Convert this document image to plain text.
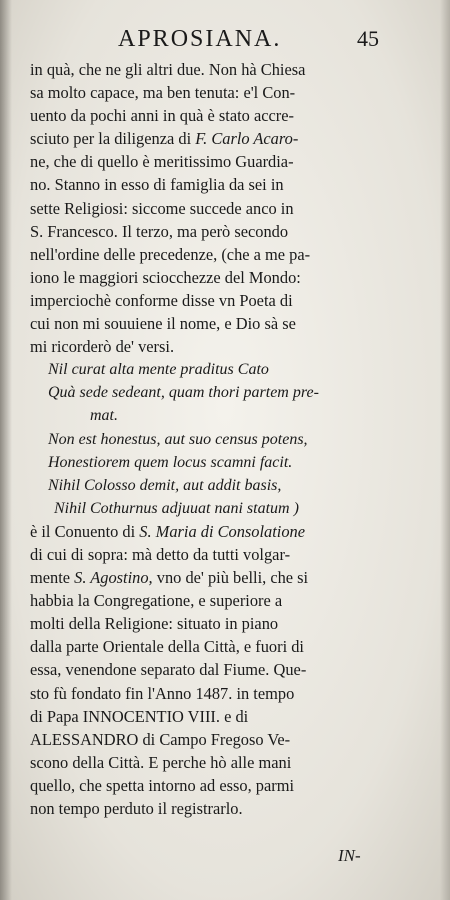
APROSIANA.	45
in quà, che ne gli altri due. Non hà Chiesa
sa molto capace, ma ben tenuta: e'l Con-
uento da pochi anni in quà è stato accre-
sciuto per la diligenza di F. Carlo Acaro-
ne, che di quello è meritissimo Guardia-
no. Stanno in esso di famiglia da sei in
sette Religiosi: siccome succede anco in
S. Francesco. Il terzo, ma però secondo
nell'ordine delle precedenze, (che a me pa-
iono le maggiori sciocchezze del Mondo:
imperciochè conforme disse vn Poeta di
cui non mi souuiene il nome, e Dio sà se
mi ricorderò de' versi.
Nil curat alta mente praditus Cato
Quà sede sedeant, quam thori partem pre-
mat.
Non est honestus, aut suo census potens,
Honestiorem quem locus scamni facit.
Nihil Colosso demit, aut addit basis,
Nihil Cothurnus adjuuat nani statum )
è il Conuento di S. Maria di Consolatione
di cui di sopra: mà detto da tutti volgar-
mente S. Agostino, vno de' più belli, che si
habbia la Congregatione, e superiore a
molti della Religione: situato in piano
dalla parte Orientale della Città, e fuori di
essa, venendone separato dal Fiume. Que-
sto fù fondato fin l'Anno 1487. in tempo
di Papa INNOCENTIO VIII. e di
ALESSANDRO di Campo Fregoso Ve-
scono della Città. E perche hò alle mani
quello, che spetta intorno ad esso, parmi
non tempo perduto il registrarlo.
IN-
